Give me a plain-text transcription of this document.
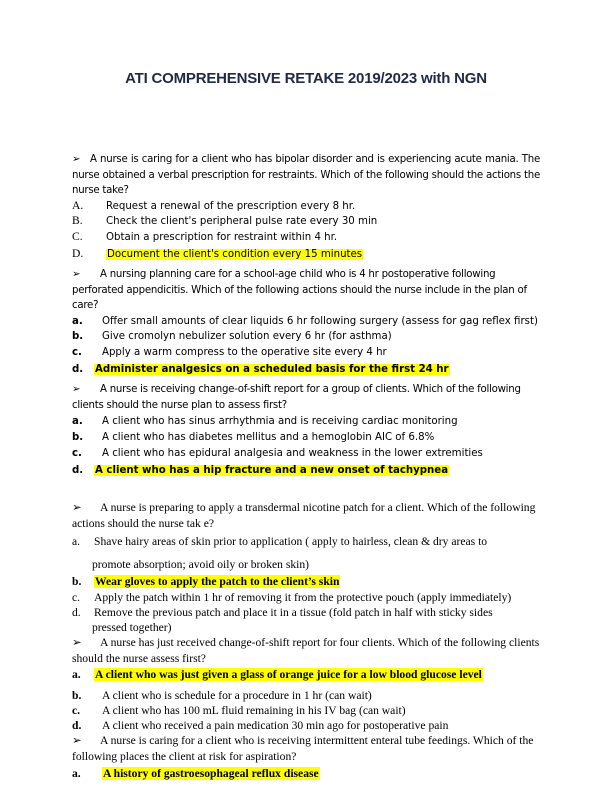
ATI COMPREHENSIVE RETAKE 2019/2023 with NGN
➢ A nurse is caring for a client who has bipolar disorder and is experiencing acute mania. The nurse obtained a verbal prescription for restraints. Which of the following should the actions the nurse take?
A. Request a renewal of the prescription every 8 hr.
B. Check the client's peripheral pulse rate every 30 min
C. Obtain a prescription for restraint within 4 hr.
D. Document the client's condition every 15 minutes
➢ A nursing planning care for a school-age child who is 4 hr postoperative following perforated appendicitis. Which of the following actions should the nurse include in the plan of care?
a. Offer small amounts of clear liquids 6 hr following surgery (assess for gag reflex first)
b. Give cromolyn nebulizer solution every 6 hr (for asthma)
c. Apply a warm compress to the operative site every 4 hr
d. Administer analgesics on a scheduled basis for the first 24 hr
➢ A nurse is receiving change-of-shift report for a group of clients. Which of the following clients should the nurse plan to assess first?
a. A client who has sinus arrhythmia and is receiving cardiac monitoring
b. A client who has diabetes mellitus and a hemoglobin AIC of 6.8%
c. A client who has epidural analgesia and weakness in the lower extremities
d. A client who has a hip fracture and a new onset of tachypnea
➢ A nurse is preparing to apply a transdermal nicotine patch for a client. Which of the following actions should the nurse tak e?
a. Shave hairy areas of skin prior to application ( apply to hairless, clean & dry areas to
promote absorption; avoid oily or broken skin)
b. Wear gloves to apply the patch to the client’s skin
c. Apply the patch within 1 hr of removing it from the protective pouch (apply immediately)
d. Remove the previous patch and place it in a tissue (fold patch in half with sticky sides
pressed together)
➢ A nurse has just received change-of-shift report for four clients. Which of the following clients should the nurse assess first?
a. A client who was just given a glass of orange juice for a low blood glucose level
b. A client who is schedule for a procedure in 1 hr (can wait)
c. A client who has 100 mL fluid remaining in his IV bag (can wait)
d. A client who received a pain medication 30 min ago for postoperative pain
➢ A nurse is caring for a client who is receiving intermittent enteral tube feedings. Which of the following places the client at risk for aspiration?
a. A history of gastroesophageal reflux disease
